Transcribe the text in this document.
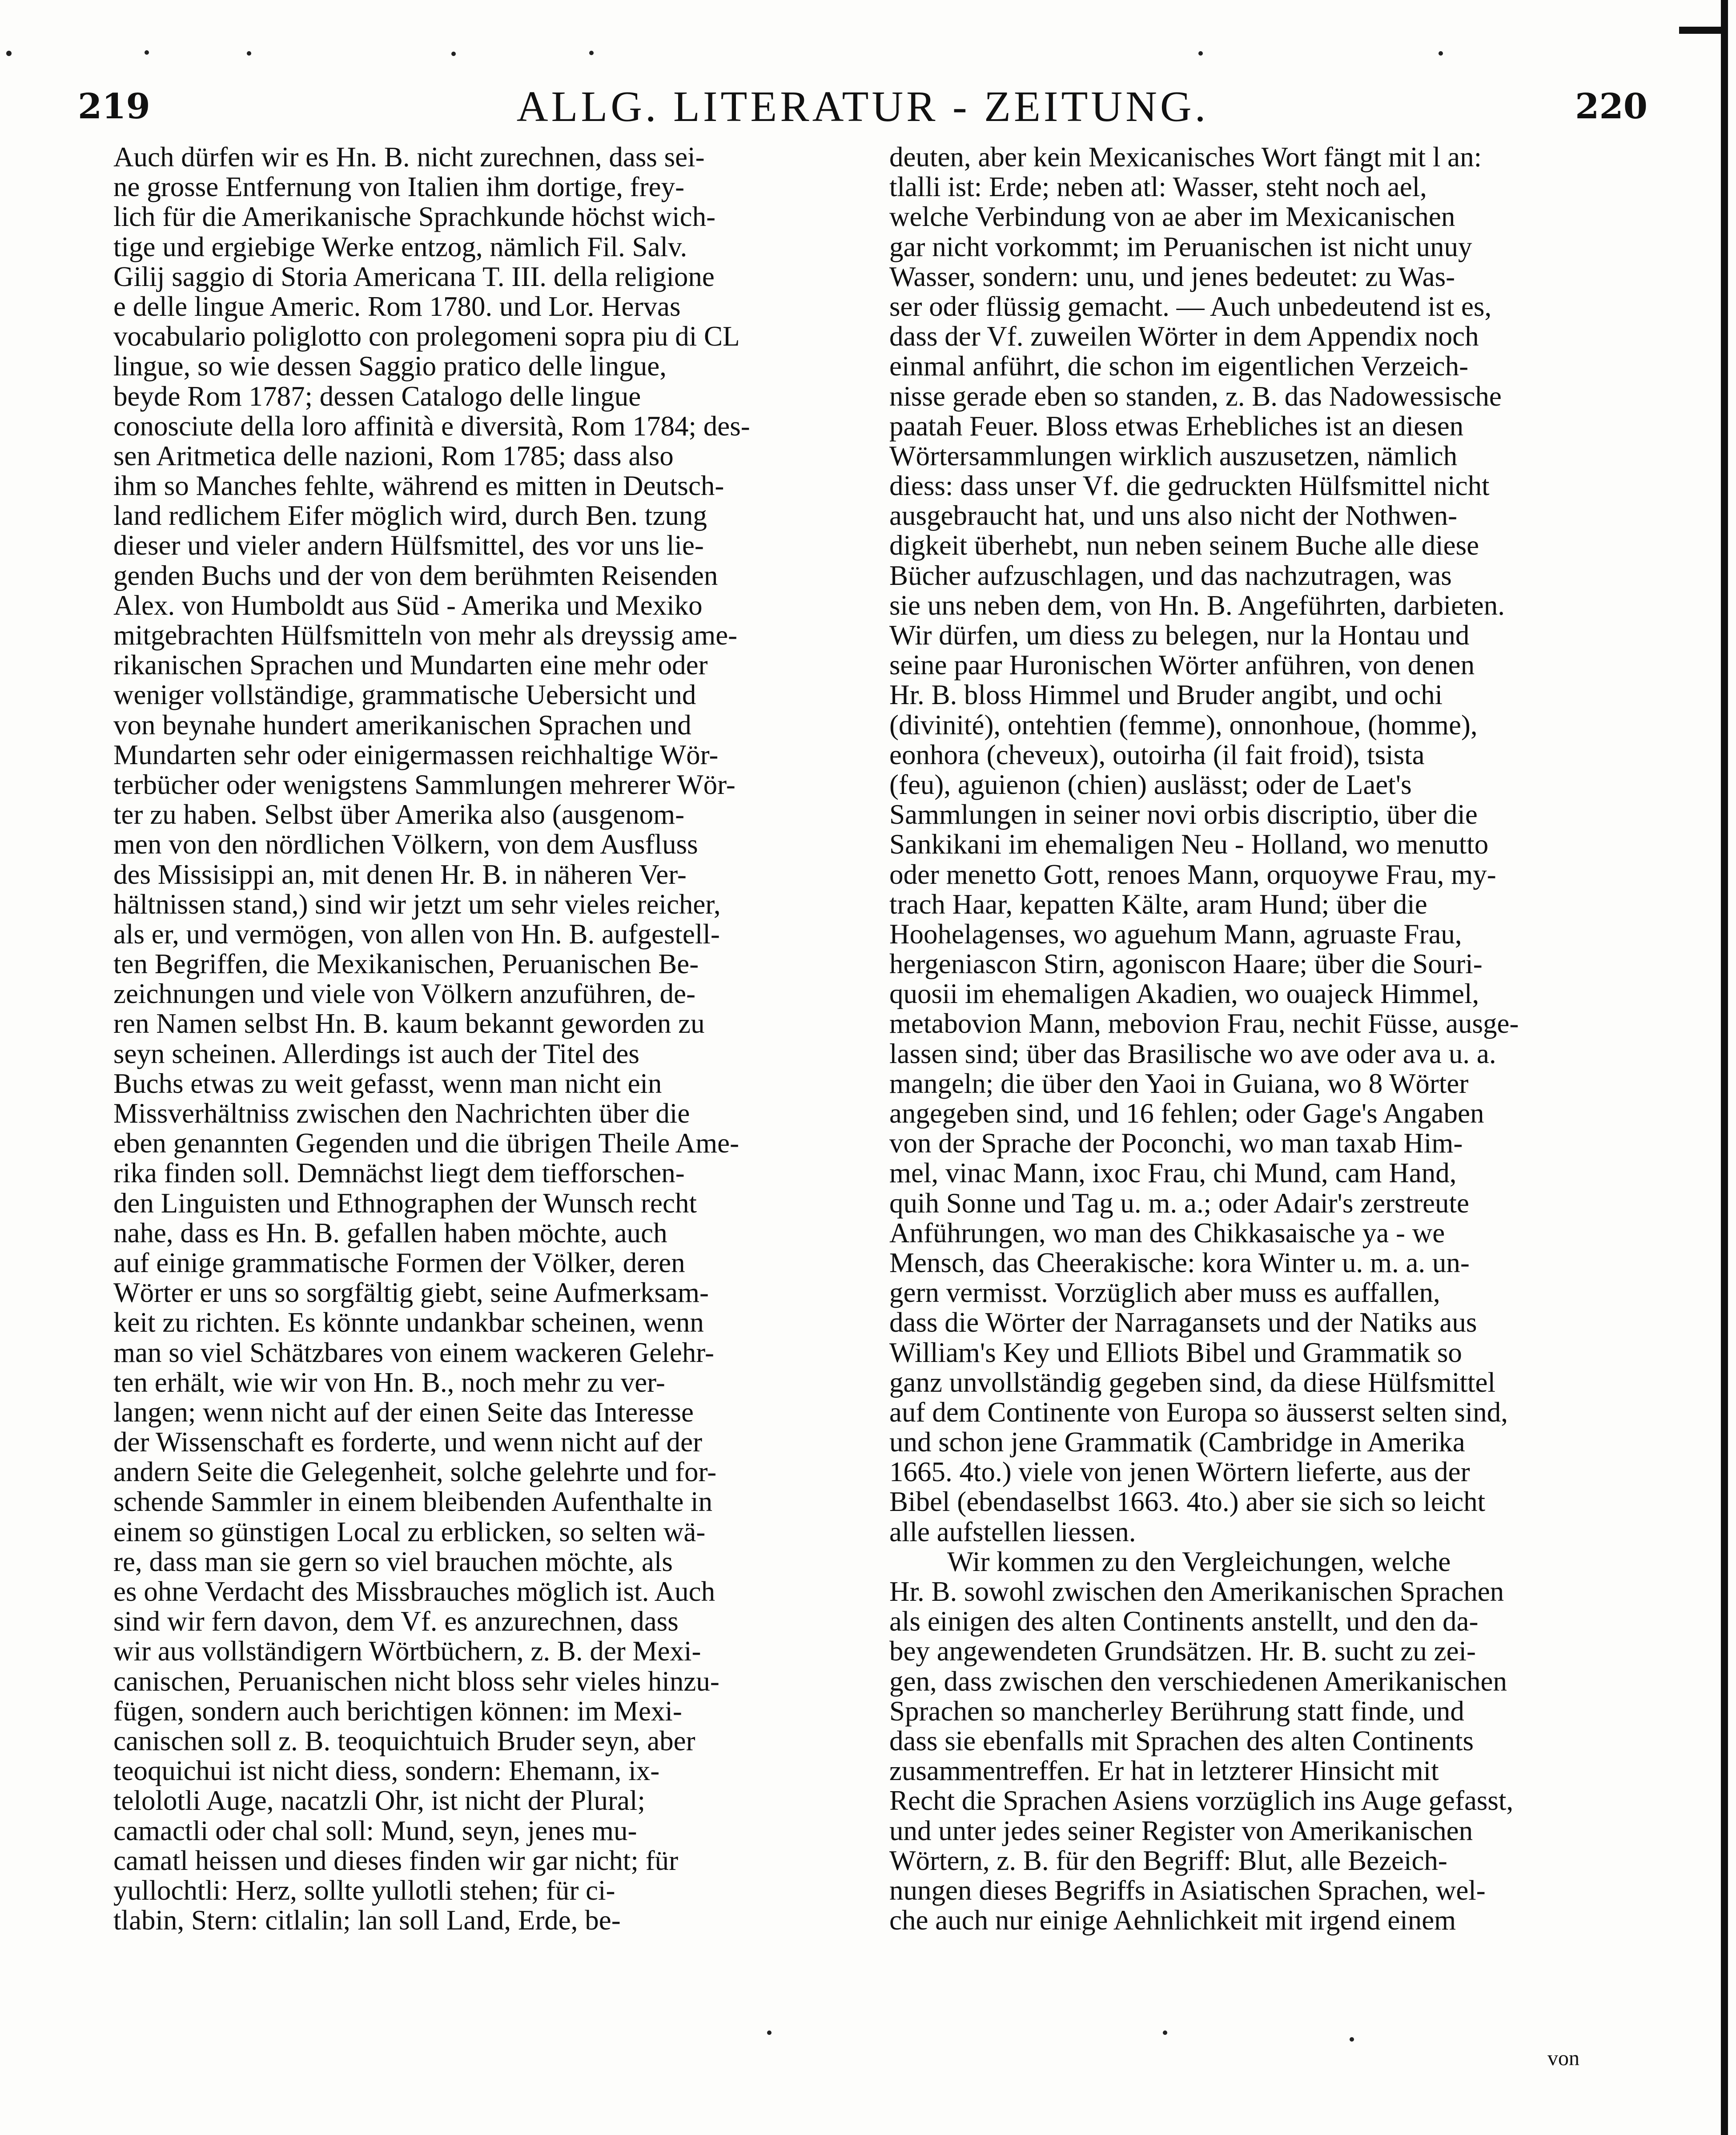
219	ALLG. LITERATUR - ZEITUNG.	220
Auch dürfen wir es Hn. B. nicht zurechnen, dass sei-
ne grosse Entfernung von Italien ihm dortige, frey-
lich für die Amerikanische Sprachkunde höchst wich-
tige und ergiebige Werke entzog, nämlich Fil. Salv.
Gilij saggio di Storia Americana T. III. della religione
e delle lingue Americ. Rom 1780. und Lor. Hervas
vocabulario poliglotto con prolegomeni sopra piu di CL
lingue, so wie dessen Saggio pratico delle lingue,
beyde Rom 1787; dessen Catalogo delle lingue
conosciute della loro affinità e diversità, Rom 1784; des-
sen Aritmetica delle nazioni, Rom 1785; dass also
ihm so Manches fehlte, während es mitten in Deutsch-
land redlichem Eifer möglich wird, durch Ben. tzung
dieser und vieler andern Hülfsmittel, des vor uns lie-
genden Buchs und der von dem berühmten Reisenden
Alex. von Humboldt aus Süd - Amerika und Mexiko
mitgebrachten Hülfsmitteln von mehr als dreyssig ame-
rikanischen Sprachen und Mundarten eine mehr oder
weniger vollständige, grammatische Uebersicht und
von beynahe hundert amerikanischen Sprachen und
Mundarten sehr oder einigermassen reichhaltige Wör-
terbücher oder wenigstens Sammlungen mehrerer Wör-
ter zu haben. Selbst über Amerika also (ausgenom-
men von den nördlichen Völkern, von dem Ausfluss
des Missisippi an, mit denen Hr. B. in näheren Ver-
hältnissen stand,) sind wir jetzt um sehr vieles reicher,
als er, und vermögen, von allen von Hn. B. aufgestell-
ten Begriffen, die Mexikanischen, Peruanischen Be-
zeichnungen und viele von Völkern anzuführen, de-
ren Namen selbst Hn. B. kaum bekannt geworden zu
seyn scheinen. Allerdings ist auch der Titel des
Buchs etwas zu weit gefasst, wenn man nicht ein
Missverhältniss zwischen den Nachrichten über die
eben genannten Gegenden und die übrigen Theile Ame-
rika finden soll. Demnächst liegt dem tiefforschen-
den Linguisten und Ethnographen der Wunsch recht
nahe, dass es Hn. B. gefallen haben möchte, auch
auf einige grammatische Formen der Völker, deren
Wörter er uns so sorgfältig giebt, seine Aufmerksam-
keit zu richten. Es könnte undankbar scheinen, wenn
man so viel Schätzbares von einem wackeren Gelehr-
ten erhält, wie wir von Hn. B., noch mehr zu ver-
langen; wenn nicht auf der einen Seite das Interesse
der Wissenschaft es forderte, und wenn nicht auf der
andern Seite die Gelegenheit, solche gelehrte und for-
schende Sammler in einem bleibenden Aufenthalte in
einem so günstigen Local zu erblicken, so selten wä-
re, dass man sie gern so viel brauchen möchte, als
es ohne Verdacht des Missbrauches möglich ist. Auch
sind wir fern davon, dem Vf. es anzurechnen, dass
wir aus vollständigern Wörtbüchern, z. B. der Mexi-
canischen, Peruanischen nicht bloss sehr vieles hinzu-
fügen, sondern auch berichtigen können: im Mexi-
canischen soll z. B. teoquichtuich Bruder seyn, aber
teoquichui ist nicht diess, sondern: Ehemann, ix-
telolotli Auge, nacatzli Ohr, ist nicht der Plural;
camactli oder chal soll: Mund, seyn, jenes mu-
camatl heissen und dieses finden wir gar nicht; für
yullochtli: Herz, sollte yullotli stehen; für ci-
tlabin, Stern: citlalin; lan soll Land, Erde, be-
deuten, aber kein Mexicanisches Wort fängt mit l an:
tlalli ist: Erde; neben atl: Wasser, steht noch ael,
welche Verbindung von ae aber im Mexicanischen
gar nicht vorkommt; im Peruanischen ist nicht unuy
Wasser, sondern: unu, und jenes bedeutet: zu Was-
ser oder flüssig gemacht. — Auch unbedeutend ist es,
dass der Vf. zuweilen Wörter in dem Appendix noch
einmal anführt, die schon im eigentlichen Verzeich-
nisse gerade eben so standen, z. B. das Nadowessische
paatah Feuer. Bloss etwas Erhebliches ist an diesen
Wörtersammlungen wirklich auszusetzen, nämlich
diess: dass unser Vf. die gedruckten Hülfsmittel nicht
ausgebraucht hat, und uns also nicht der Nothwen-
digkeit überhebt, nun neben seinem Buche alle diese
Bücher aufzuschlagen, und das nachzutragen, was
sie uns neben dem, von Hn. B. Angeführten, darbieten.
Wir dürfen, um diess zu belegen, nur la Hontau und
seine paar Huronischen Wörter anführen, von denen
Hr. B. bloss Himmel und Bruder angibt, und ochi
(divinité), ontehtien (femme), onnonhoue, (homme),
eonhora (cheveux), outoirha (il fait froid), tsista
(feu), aguienon (chien) auslässt; oder de Laet's
Sammlungen in seiner novi orbis discriptio, über die
Sankikani im ehemaligen Neu - Holland, wo menutto
oder menetto Gott, renoes Mann, orquoywe Frau, my-
trach Haar, kepatten Kälte, aram Hund; über die
Hoohelagenses, wo aguehum Mann, agruaste Frau,
hergeniascon Stirn, agoniscon Haare; über die Souri-
quosii im ehemaligen Akadien, wo ouajeck Himmel,
metabovion Mann, mebovion Frau, nechit Füsse, ausge-
lassen sind; über das Brasilische wo ave oder ava u. a.
mangeln; die über den Yaoi in Guiana, wo 8 Wörter
angegeben sind, und 16 fehlen; oder Gage's Angaben
von der Sprache der Poconchi, wo man taxab Him-
mel, vinac Mann, ixoc Frau, chi Mund, cam Hand,
quih Sonne und Tag u. m. a.; oder Adair's zerstreute
Anführungen, wo man des Chikkasaische ya - we
Mensch, das Cheerakische: kora Winter u. m. a. un-
gern vermisst. Vorzüglich aber muss es auffallen,
dass die Wörter der Narragansets und der Natiks aus
William's Key und Elliots Bibel und Grammatik so
ganz unvollständig gegeben sind, da diese Hülfsmittel
auf dem Continente von Europa so äusserst selten sind,
und schon jene Grammatik (Cambridge in Amerika
1665. 4to.) viele von jenen Wörtern lieferte, aus der
Bibel (ebendaselbst 1663. 4to.) aber sie sich so leicht
alle aufstellen liessen.
Wir kommen zu den Vergleichungen, welche
Hr. B. sowohl zwischen den Amerikanischen Sprachen
als einigen des alten Continents anstellt, und den da-
bey angewendeten Grundsätzen. Hr. B. sucht zu zei-
gen, dass zwischen den verschiedenen Amerikanischen
Sprachen so mancherley Berührung statt finde, und
dass sie ebenfalls mit Sprachen des alten Continents
zusammentreffen. Er hat in letzterer Hinsicht mit
Recht die Sprachen Asiens vorzüglich ins Auge gefasst,
und unter jedes seiner Register von Amerikanischen
Wörtern, z. B. für den Begriff: Blut, alle Bezeich-
nungen dieses Begriffs in Asiatischen Sprachen, wel-
che auch nur einige Aehnlichkeit mit irgend einem
von
